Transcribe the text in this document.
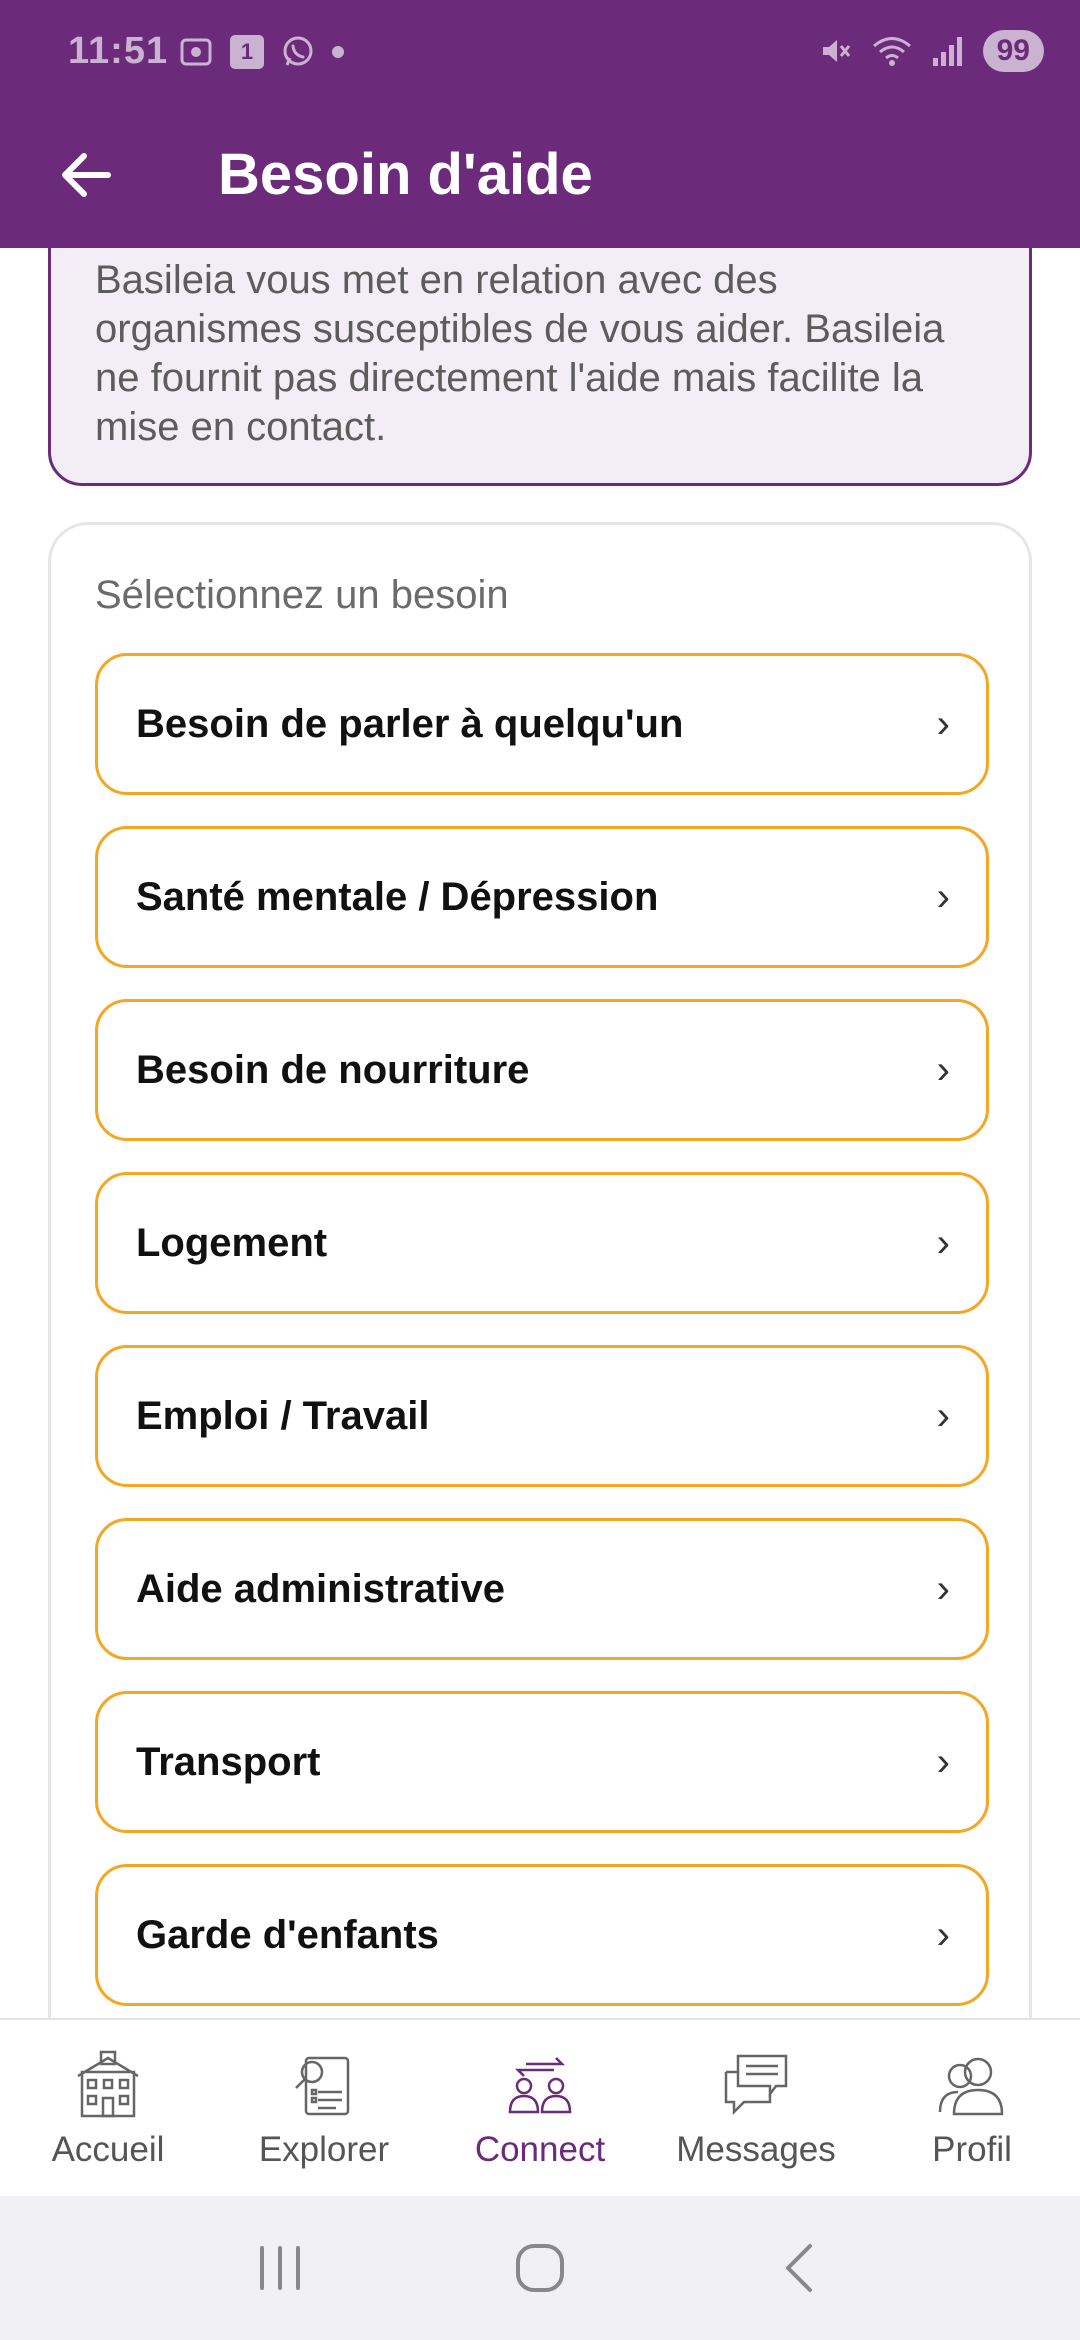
11:51	1	99
Besoin d'aide

Basileia vous met en relation avec des organismes susceptibles de vous aider. Basileia ne fournit pas directement l'aide mais facilite la mise en contact.

Sélectionnez un besoin
Besoin de parler à quelqu'un	›
Santé mentale / Dépression	›
Besoin de nourriture	›
Logement	›
Emploi / Travail	›
Aide administrative	›
Transport	›
Garde d'enfants	›
Accueil	Explorer Connect Messages	Profil
